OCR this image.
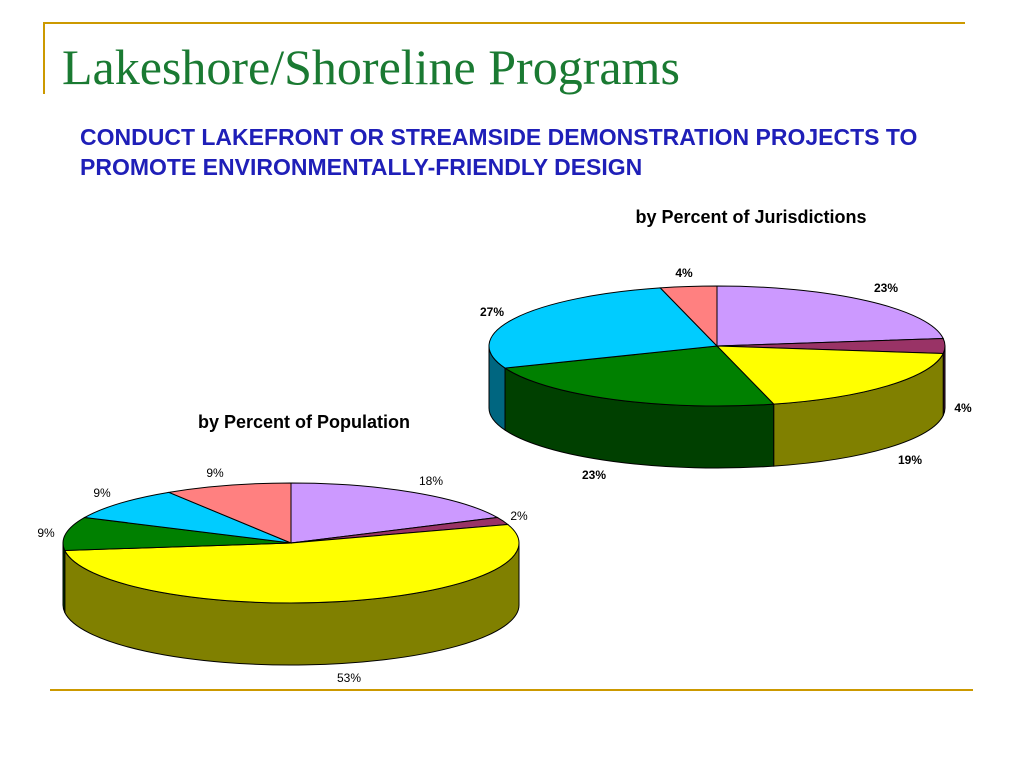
Lakeshore/Shoreline Programs

CONDUCT LAKEFRONT OR STREAMSIDE DEMONSTRATION PROJECTS TO PROMOTE ENVIRONMENTALLY-FRIENDLY DESIGN

by Percent of Jurisdictions
23%
4%
19%
23%
27%
4%
by Percent of Population
18%
2%
53%
9%
9%
9%
